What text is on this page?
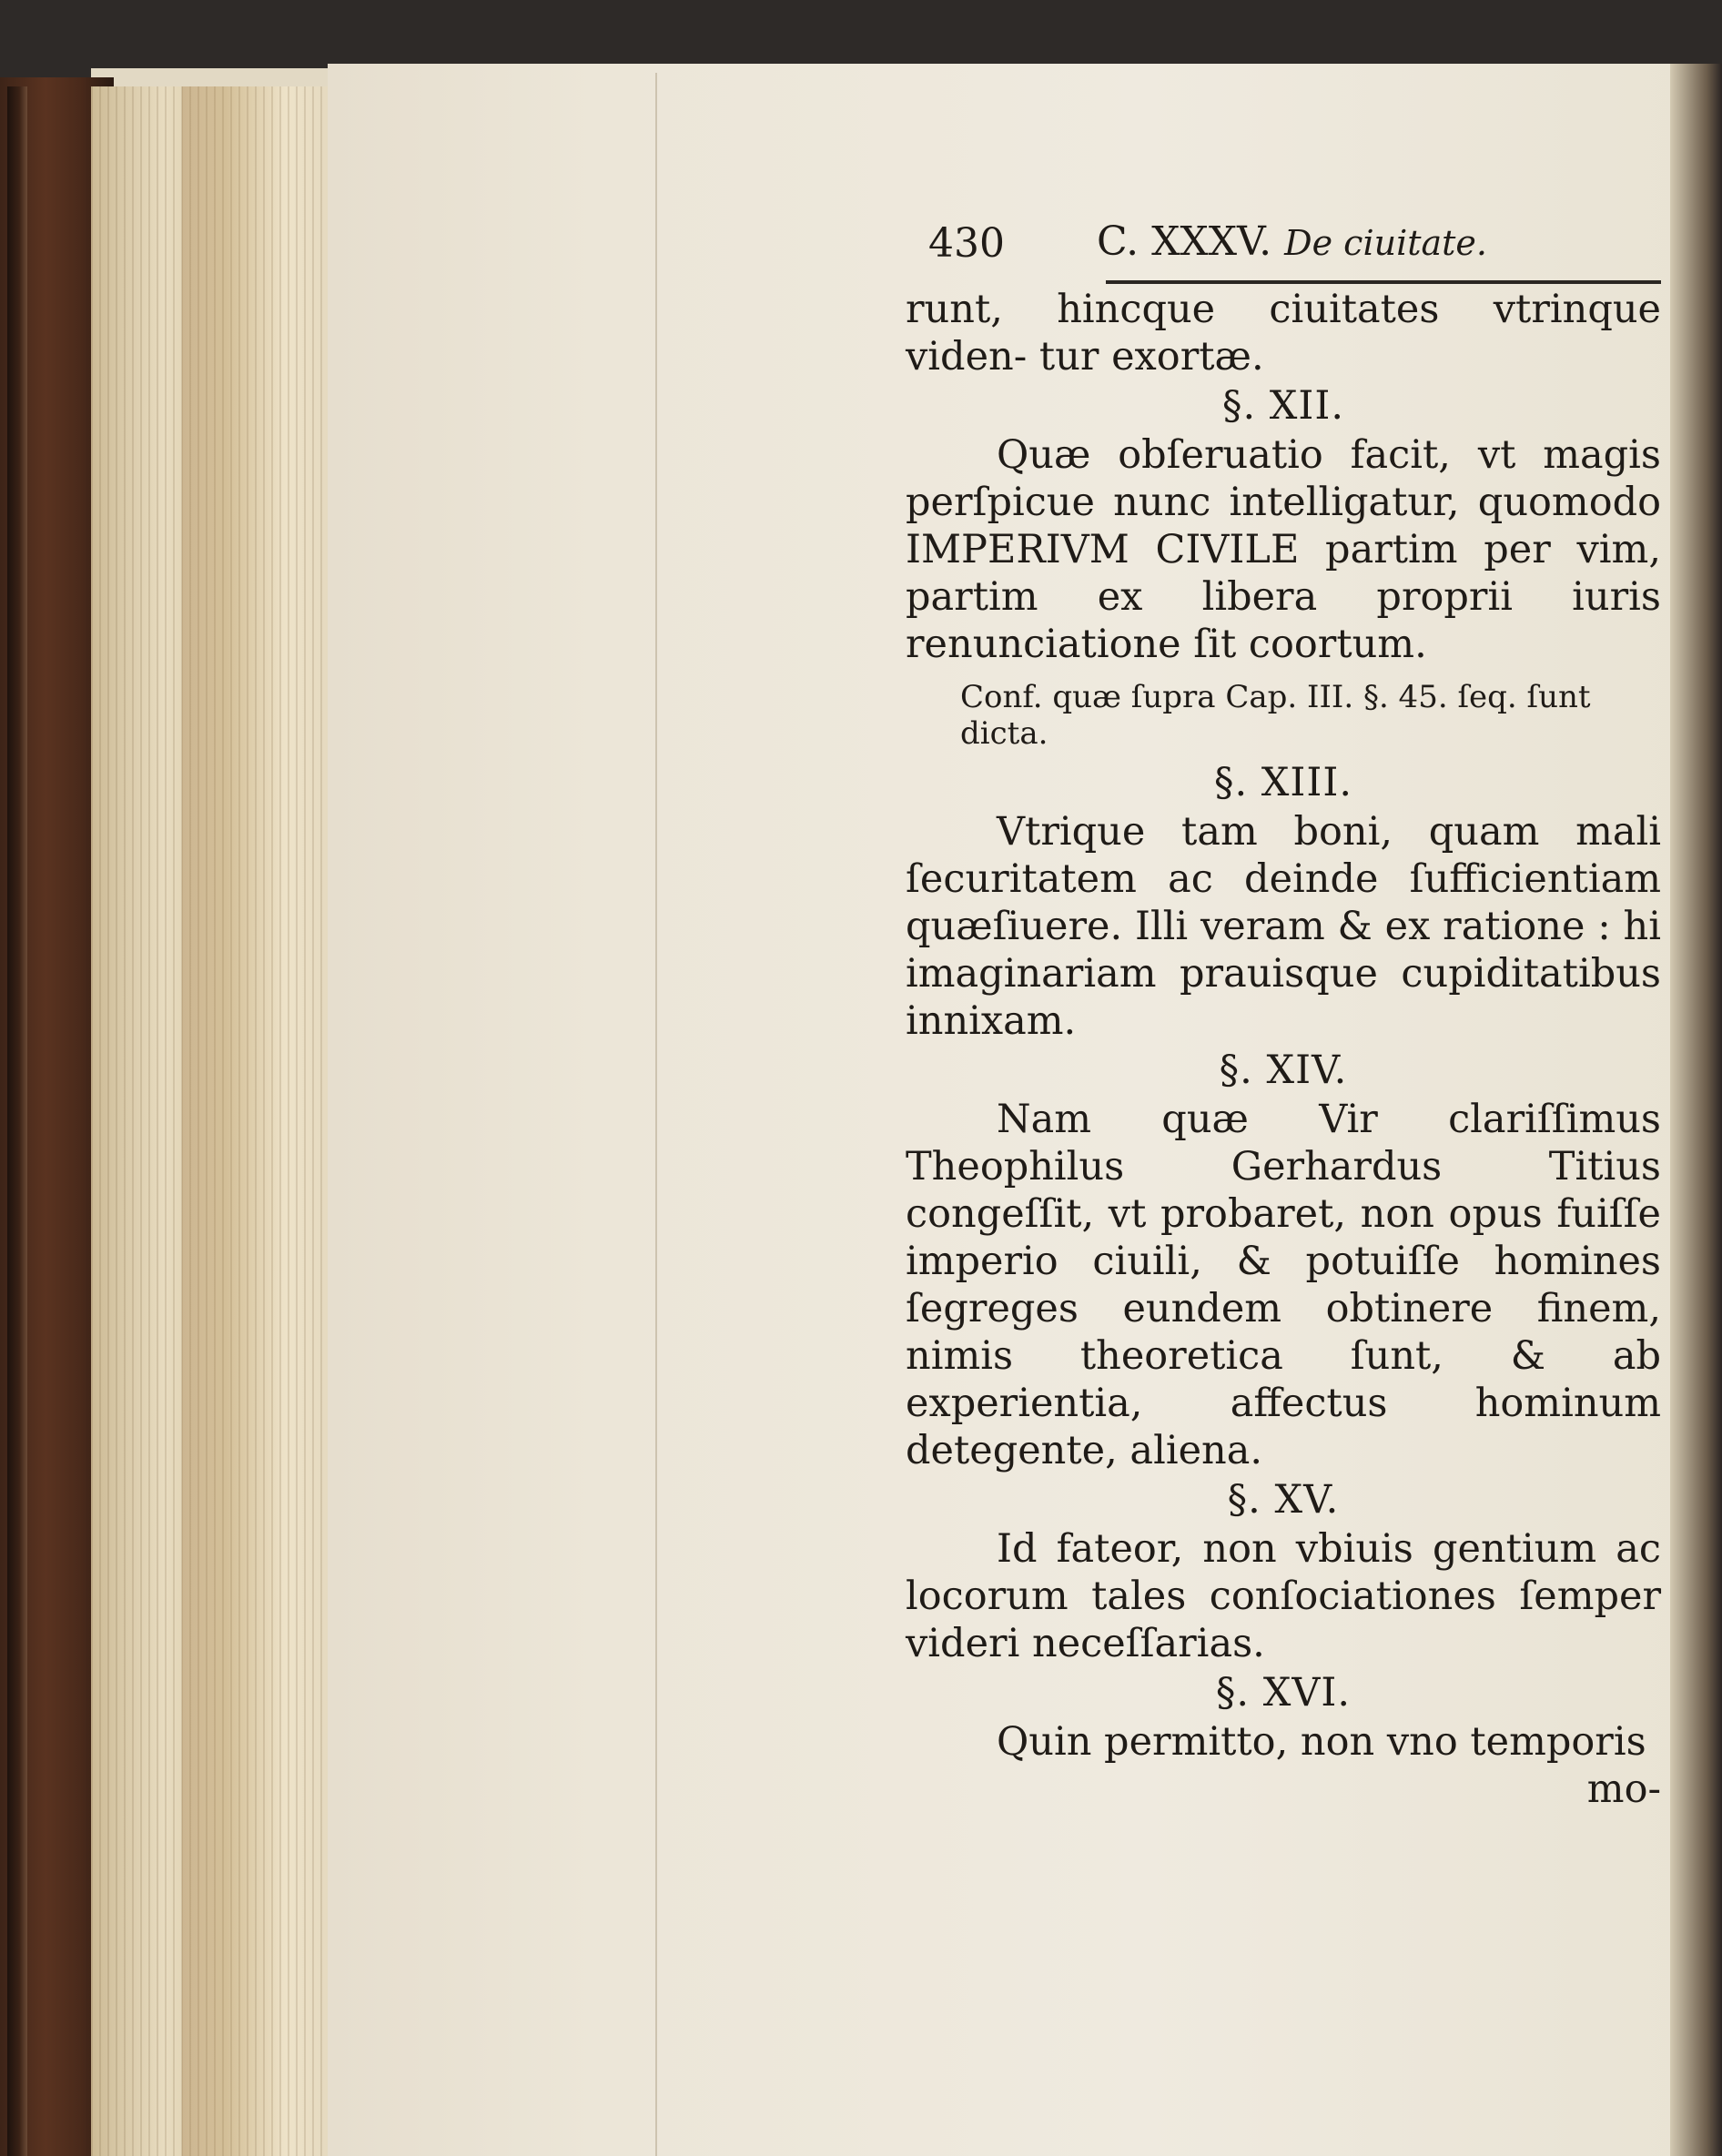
430 C. XXXV. De ciuitate.

runt, hincque ciuitates vtrinque viden- tur exortæ.

§. XII.

Quæ obſeruatio facit, vt magis perſpicue nunc intelligatur, quomodo IMPERIVM CIVILE partim per vim, partim ex libera proprii iuris renunciatione ſit coortum.

Conf. quæ ſupra Cap. III. §. 45. ſeq. ſunt dicta.

§. XIII.

Vtrique tam boni, quam mali ſecuritatem ac deinde ſufficientiam quæſiuere. Illi veram & ex ratione : hi imaginariam prauisque cupiditatibus innixam.

§. XIV.

Nam quæ Vir clariſſimus Theophilus Gerhardus Titius congeſſit, vt probaret, non opus fuiſſe imperio ciuili, & potuiſſe homines ſegreges eundem obtinere finem, nimis theoretica ſunt, & ab experientia, affectus hominum detegente, aliena.

§. XV.

Id fateor, non vbiuis gentium ac locorum tales conſociationes ſemper videri neceſſarias.

§. XVI.

Quin permitto, non vno temporis

mo-
